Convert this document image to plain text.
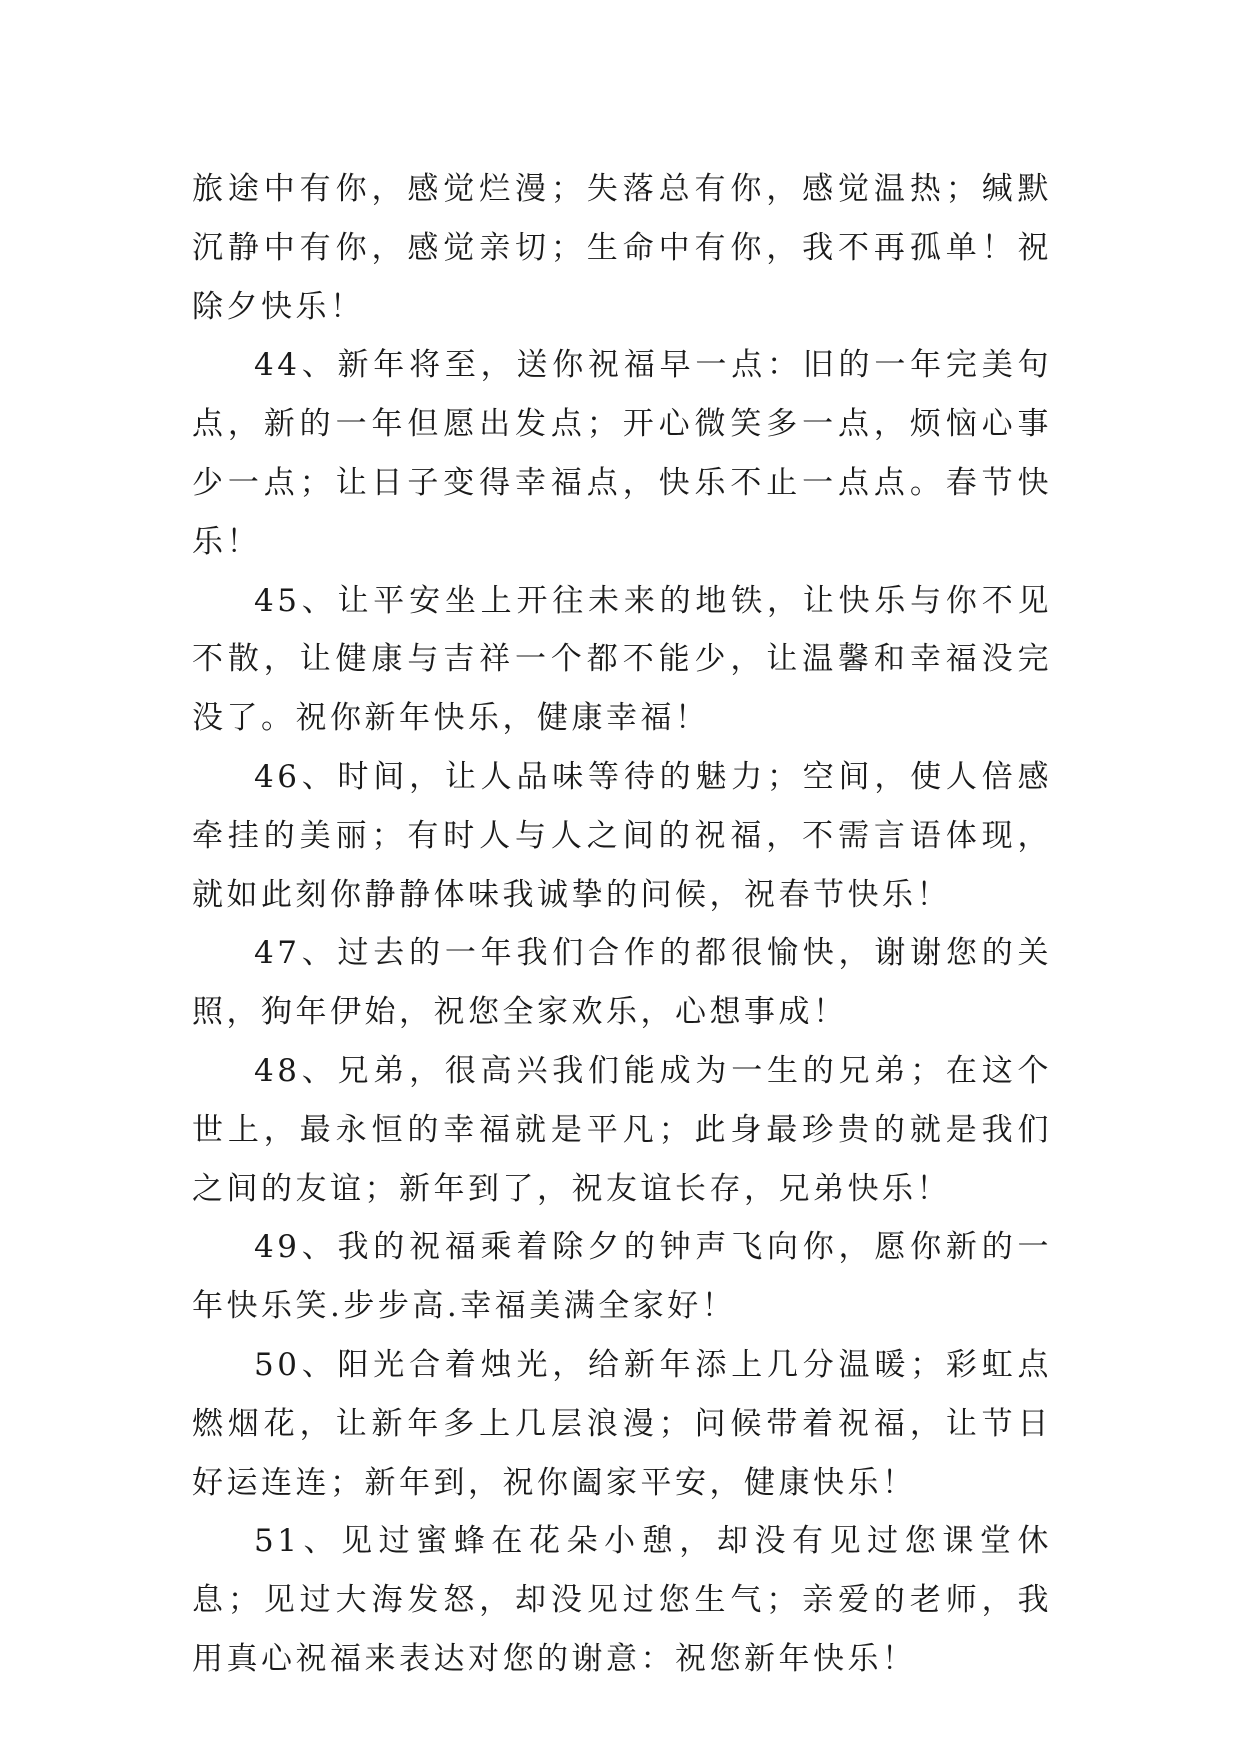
旅途中有你，感觉烂漫；失落总有你，感觉温热；缄默沉静中有你，感觉亲切；生命中有你，我不再孤单！祝除夕快乐！

44、新年将至，送你祝福早一点：旧的一年完美句点，新的一年但愿出发点；开心微笑多一点，烦恼心事少一点；让日子变得幸福点，快乐不止一点点。春节快乐！

45、让平安坐上开往未来的地铁，让快乐与你不见不散，让健康与吉祥一个都不能少，让温馨和幸福没完没了。祝你新年快乐，健康幸福！

46、时间，让人品味等待的魅力；空间，使人倍感牵挂的美丽；有时人与人之间的祝福，不需言语体现，就如此刻你静静体味我诚挚的问候，祝春节快乐！

47、过去的一年我们合作的都很愉快，谢谢您的关照，狗年伊始，祝您全家欢乐，心想事成！

48、兄弟，很高兴我们能成为一生的兄弟；在这个世上，最永恒的幸福就是平凡；此身最珍贵的就是我们之间的友谊；新年到了，祝友谊长存，兄弟快乐！

49、我的祝福乘着除夕的钟声飞向你，愿你新的一年快乐笑.步步高.幸福美满全家好！

50、阳光合着烛光，给新年添上几分温暖；彩虹点燃烟花，让新年多上几层浪漫；问候带着祝福，让节日好运连连；新年到，祝你阖家平安，健康快乐！

51、见过蜜蜂在花朵小憩，却没有见过您课堂休息；见过大海发怒，却没见过您生气；亲爱的老师，我用真心祝福来表达对您的谢意：祝您新年快乐！
